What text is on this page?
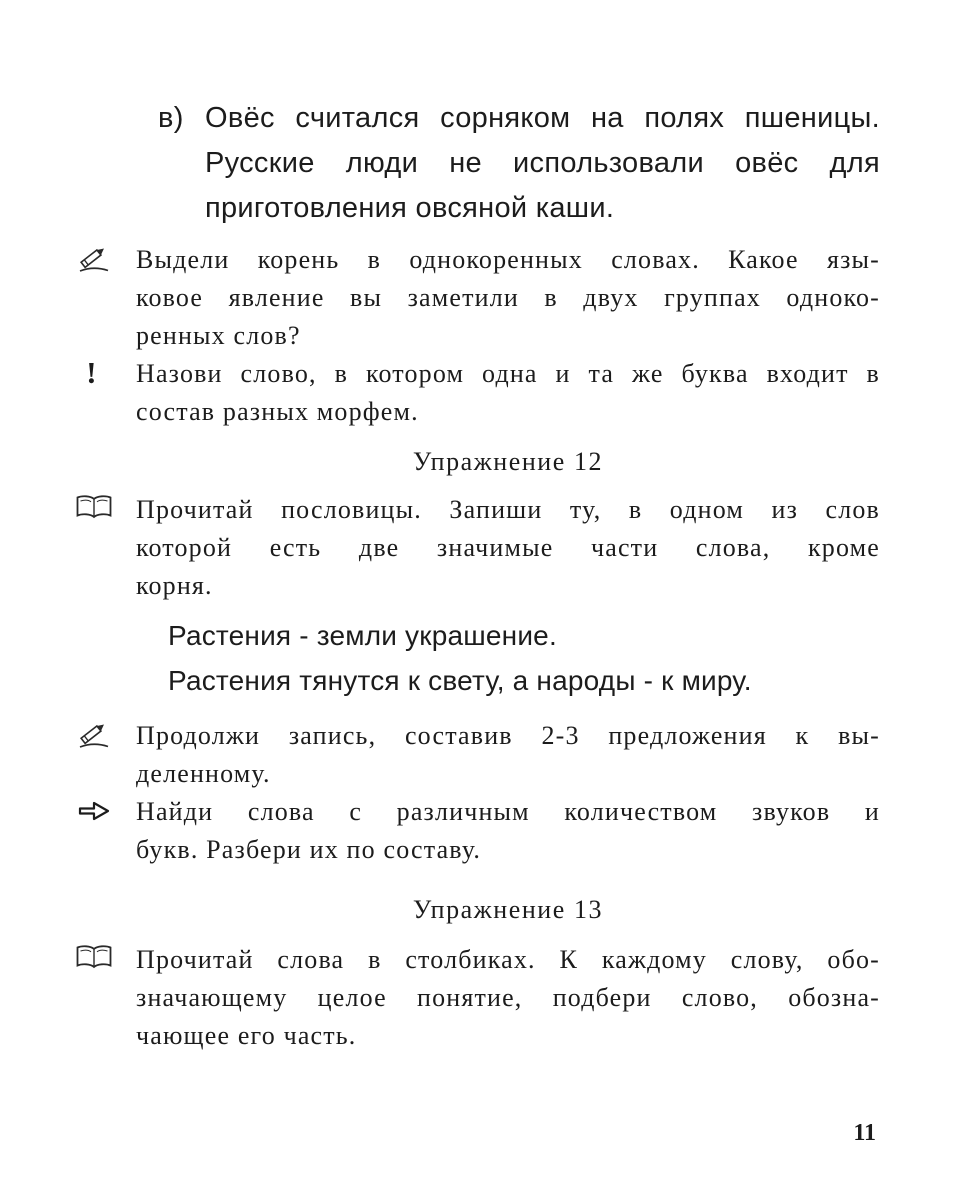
в) Овёс считался сорняком на полях пшеницы.
Русские люди не использовали овёс для
приготовления овсяной каши.
Выдели корень в однокоренных словах. Какое язы-
ковое явление вы заметили в двух группах одноко-
ренных слов?
! Назови слово, в котором одна и та же буква входит в
состав разных морфем.
Упражнение 12
Прочитай пословицы. Запиши ту, в одном из слов
которой есть две значимые части слова, кроме
корня.
Растения - земли украшение.
Растения тянутся к свету, а народы - к миру.
Продолжи запись, составив 2-3 предложения к вы-
деленному.
Найди слова с различным количеством звуков и
букв. Разбери их по составу.
Упражнение 13
Прочитай слова в столбиках. К каждому слову, обо-
значающему целое понятие, подбери слово, обозна-
чающее его часть.
11
